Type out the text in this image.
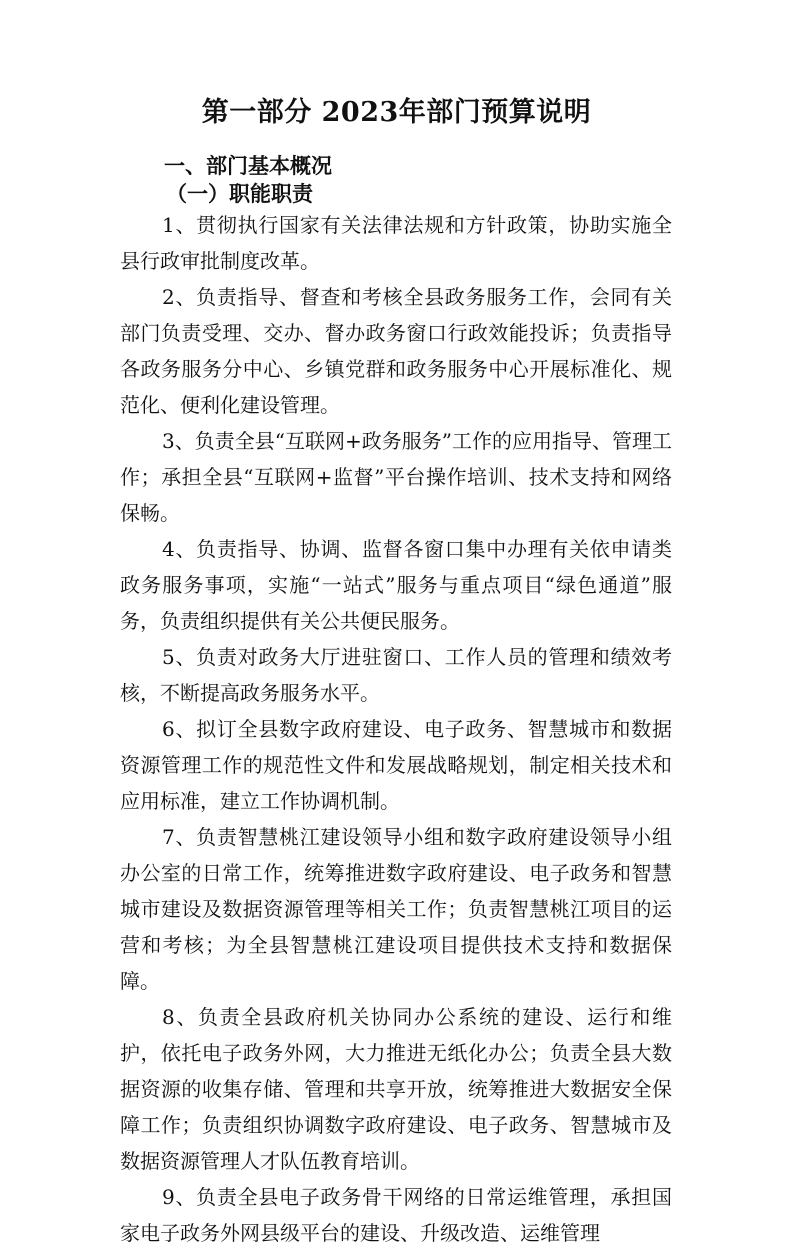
第一部分 2023年部门预算说明
一、部门基本概况
（一）职能职责

1、贯彻执行国家有关法律法规和方针政策，协助实施全县行政审批制度改革。

2、负责指导、督查和考核全县政务服务工作，会同有关部门负责受理、交办、督办政务窗口行政效能投诉；负责指导各政务服务分中心、乡镇党群和政务服务中心开展标准化、规范化、便利化建设管理。

3、负责全县“互联网+政务服务”工作的应用指导、管理工作；承担全县“互联网+监督”平台操作培训、技术支持和网络保畅。

4、负责指导、协调、监督各窗口集中办理有关依申请类政务服务事项，实施“一站式”服务与重点项目“绿色通道”服务，负责组织提供有关公共便民服务。

5、负责对政务大厅进驻窗口、工作人员的管理和绩效考核，不断提高政务服务水平。

6、拟订全县数字政府建设、电子政务、智慧城市和数据资源管理工作的规范性文件和发展战略规划，制定相关技术和应用标准，建立工作协调机制。

7、负责智慧桃江建设领导小组和数字政府建设领导小组办公室的日常工作，统筹推进数字政府建设、电子政务和智慧城市建设及数据资源管理等相关工作；负责智慧桃江项目的运营和考核；为全县智慧桃江建设项目提供技术支持和数据保障。

8、负责全县政府机关协同办公系统的建设、运行和维护，依托电子政务外网，大力推进无纸化办公；负责全县大数据资源的收集存储、管理和共享开放，统筹推进大数据安全保障工作；负责组织协调数字政府建设、电子政务、智慧城市及数据资源管理人才队伍教育培训。

9、负责全县电子政务骨干网络的日常运维管理，承担国家电子政务外网县级平台的建设、升级改造、运维管理
